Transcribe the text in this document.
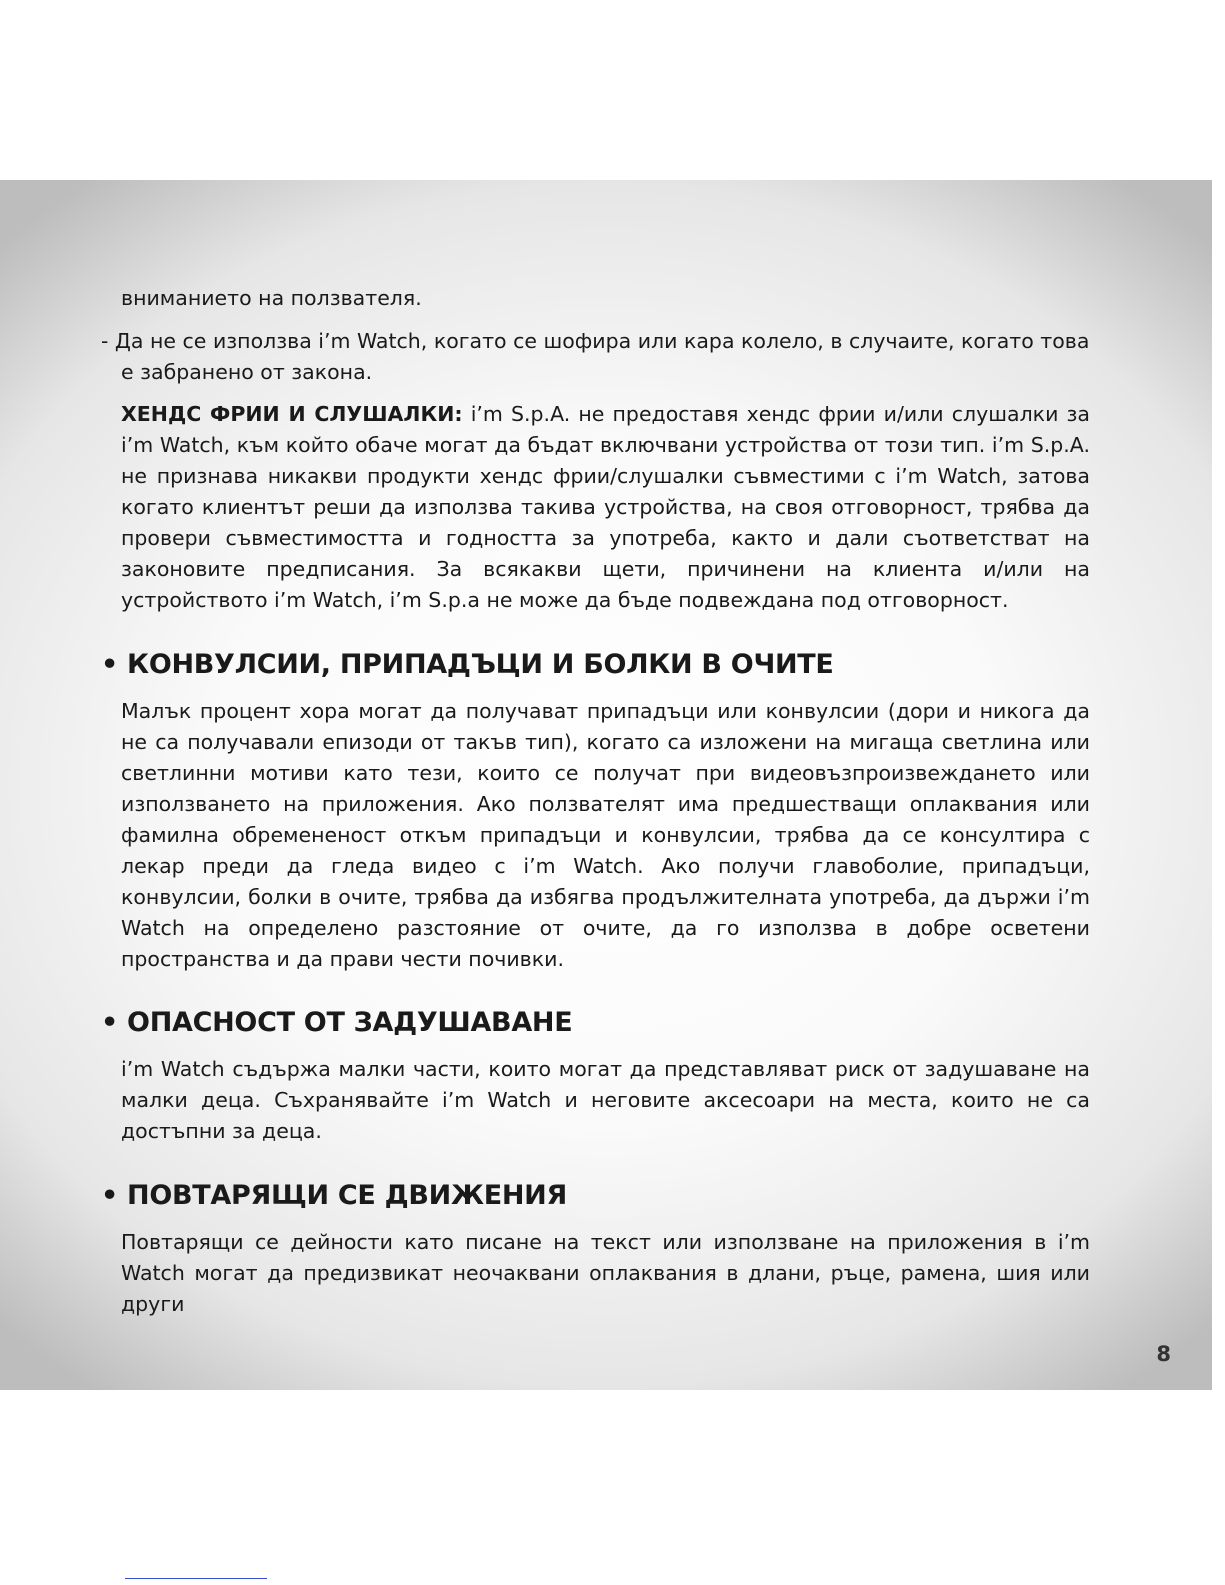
вниманието на ползвателя.

- Да не се използва i’m Watch, когато се шофира или кара колело, в случаите, когато това е забранено от закона.

ХЕНДС ФРИИ И СЛУШАЛКИ: i’m S.p.A. не предоставя хендс фрии и/или слушалки за i’m Watch, към който обаче могат да бъдат включвани устройства от този тип. i’m S.p.A. не признава никакви продукти хендс фрии/слушалки съвместими с i’m Watch, затова когато клиентът реши да използва такива устройства, на своя отговорност, трябва да провери съвместимостта и годността за употреба, както и дали съответстват на законовите предписания. За всякакви щети, причинени на клиента и/или на устройството i’m Watch, i’m S.p.a не може да бъде подвеждана под отговорност.

• КОНВУЛСИИ, ПРИПАДЪЦИ И БОЛКИ В ОЧИТЕ

Малък процент хора могат да получават припадъци или конвулсии (дори и никога да не са получавали епизоди от такъв тип), когато са изложени на мигаща светлина или светлинни мотиви като тези, които се получат при видеовъзпроизвеждането или използването на приложения. Ако ползвателят има предшестващи оплаквания или фамилна обремененост откъм припадъци и конвулсии, трябва да се консултира с лекар преди да гледа видео с i’m Watch. Ако получи главоболие, припадъци, конвулсии, болки в очите, трябва да избягва продължителната употреба, да държи i’m Watch на определено разстояние от очите, да го използва в добре осветени пространства и да прави чести почивки.

• ОПАСНОСТ ОТ ЗАДУШАВАНЕ

i’m Watch съдържа малки части, които могат да представляват риск от задушаване на малки деца. Съхранявайте i’m Watch и неговите аксесоари на места, които не са достъпни за деца.

• ПОВТАРЯЩИ СЕ ДВИЖЕНИЯ

Повтарящи се дейности като писане на текст или използване на приложения в i’m Watch могат да предизвикат неочаквани оплаквания в длани, ръце, рамена, шия или други

8
